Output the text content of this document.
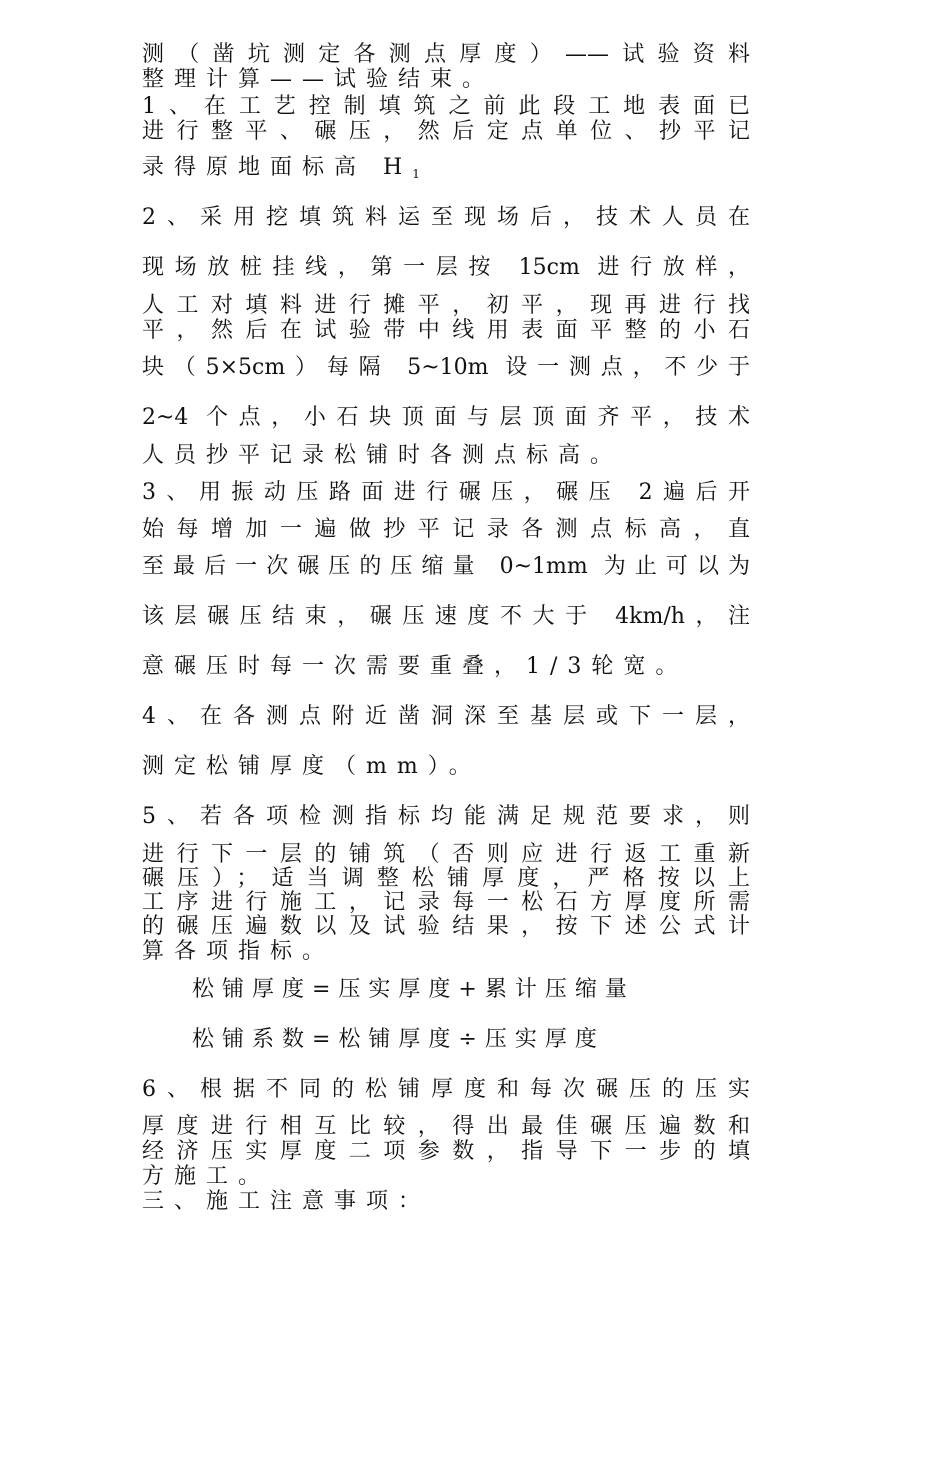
测（凿坑测定各测点厚度）——试验资料
整理计算——试验结束。
1、在工艺控制填筑之前此段工地表面已
进行整平、碾压，然后定点单位、抄平记
录得原地面标高 $H_1$
2、采用挖填筑料运至现场后，技术人员在
现场放桩挂线，第一层按 15cm 进行放样，
人工对填料进行摊平，初平，现再进行找
平，然后在试验带中线用表面平整的小石
块（5×5cm）每隔 5~10m 设一测点，不少于
2~4 个点，小石块顶面与层顶面齐平，技术
人员抄平记录松铺时各测点标高。
3、用振动压路面进行碾压，碾压 2遍后开
始每增加一遍做抄平记录各测点标高，直
至最后一次碾压的压缩量 0~1mm 为止可以为
该层碾压结束，碾压速度不大于 4km/h，注
意碾压时每一次需要重叠，1/3轮宽。
4、在各测点附近凿洞深至基层或下一层，
测定松铺厚度（mm）。
5、若各项检测指标均能满足规范要求，则
进行下一层的铺筑（否则应进行返工重新
碾压）；适当调整松铺厚度，严格按以上
工序进行施工，记录每一松石方厚度所需
的碾压遍数以及试验结果，按下述公式计
算各项指标。
松铺厚度=压实厚度+累计压缩量
松铺系数=松铺厚度÷压实厚度
6、根据不同的松铺厚度和每次碾压的压实
厚度进行相互比较，得出最佳碾压遍数和
经济压实厚度二项参数，指导下一步的填
方施工。
三、施工注意事项：
